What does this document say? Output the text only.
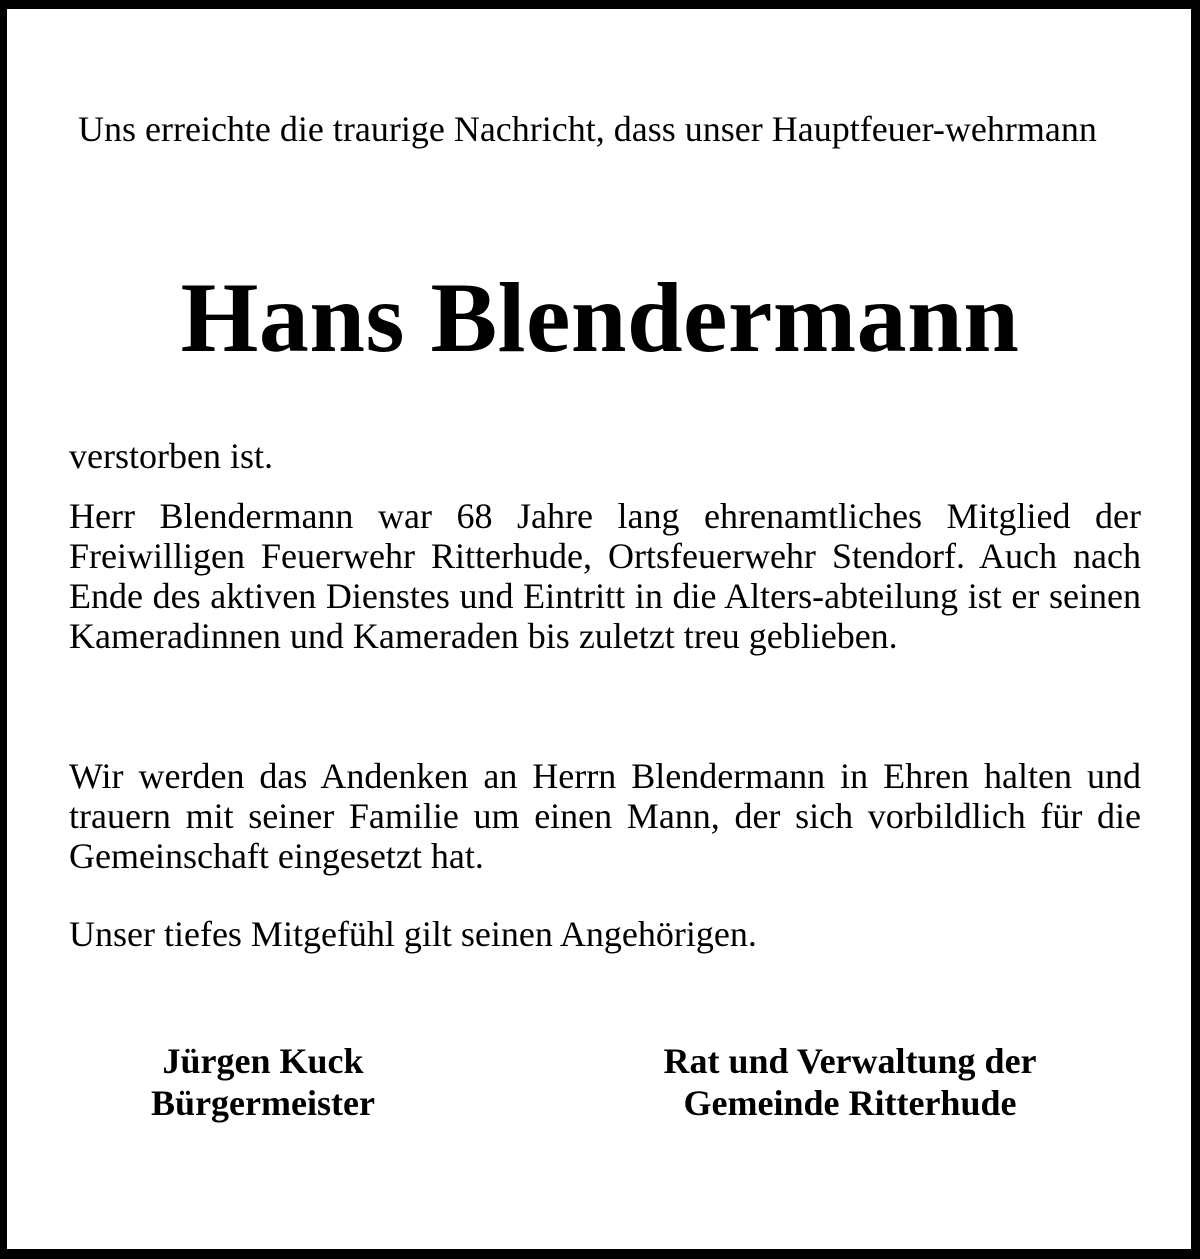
Uns erreichte die traurige Nachricht, dass unser Hauptfeuer-wehrmann

Hans Blendermann

verstorben ist.

Herr Blendermann war 68 Jahre lang ehrenamtliches Mitglied der Freiwilligen Feuerwehr Ritterhude, Ortsfeuerwehr Stendorf. Auch nach Ende des aktiven Dienstes und Eintritt in die Alters-abteilung ist er seinen Kameradinnen und Kameraden bis zuletzt treu geblieben.

Wir werden das Andenken an Herrn Blendermann in Ehren halten und trauern mit seiner Familie um einen Mann, der sich vorbildlich für die Gemeinschaft eingesetzt hat.

Unser tiefes Mitgefühl gilt seinen Angehörigen.

Jürgen Kuck
Bürgermeister
Rat und Verwaltung der
Gemeinde Ritterhude
